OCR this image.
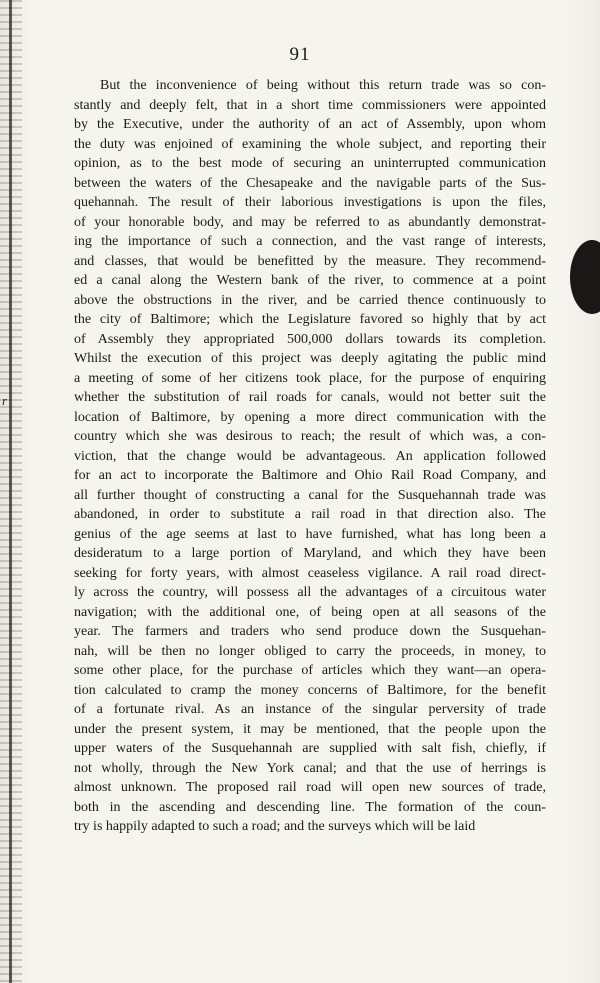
r
91
But the inconvenience of being without this return trade was so con-
stantly and deeply felt, that in a short time commissioners were appointed
by the Executive, under the authority of an act of Assembly, upon whom
the duty was enjoined of examining the whole subject, and reporting their
opinion, as to the best mode of securing an uninterrupted communication
between the waters of the Chesapeake and the navigable parts of the Sus-
quehannah. The result of their laborious investigations is upon the files,
of your honorable body, and may be referred to as abundantly demonstrat-
ing the importance of such a connection, and the vast range of interests,
and classes, that would be benefitted by the measure. They recommend-
ed a canal along the Western bank of the river, to commence at a point
above the obstructions in the river, and be carried thence continuously to
the city of Baltimore; which the Legislature favored so highly that by act
of Assembly they appropriated 500,000 dollars towards its completion.
Whilst the execution of this project was deeply agitating the public mind
a meeting of some of her citizens took place, for the purpose of enquiring
whether the substitution of rail roads for canals, would not better suit the
location of Baltimore, by opening a more direct communication with the
country which she was desirous to reach; the result of which was, a con-
viction, that the change would be advantageous. An application followed
for an act to incorporate the Baltimore and Ohio Rail Road Company, and
all further thought of constructing a canal for the Susquehannah trade was
abandoned, in order to substitute a rail road in that direction also. The
genius of the age seems at last to have furnished, what has long been a
desideratum to a large portion of Maryland, and which they have been
seeking for forty years, with almost ceaseless vigilance. A rail road direct-
ly across the country, will possess all the advantages of a circuitous water
navigation; with the additional one, of being open at all seasons of the
year. The farmers and traders who send produce down the Susquehan-
nah, will be then no longer obliged to carry the proceeds, in money, to
some other place, for the purchase of articles which they want—an opera-
tion calculated to cramp the money concerns of Baltimore, for the benefit
of a fortunate rival. As an instance of the singular perversity of trade
under the present system, it may be mentioned, that the people upon the
upper waters of the Susquehannah are supplied with salt fish, chiefly, if
not wholly, through the New York canal; and that the use of herrings is
almost unknown. The proposed rail road will open new sources of trade,
both in the ascending and descending line. The formation of the coun-
try is happily adapted to such a road; and the surveys which will be laid
